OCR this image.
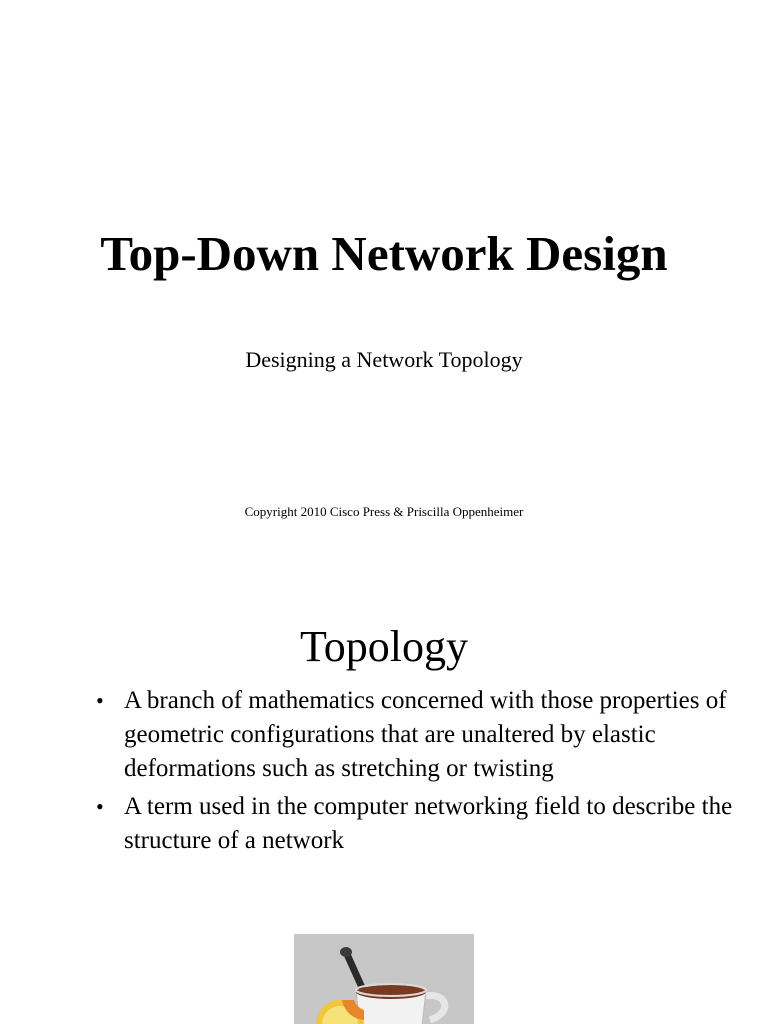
Top-Down Network Design
Designing a Network Topology
Copyright 2010 Cisco Press & Priscilla Oppenheimer
Topology
• A branch of mathematics concerned with those properties of geometric configurations that are unaltered by elastic deformations such as stretching or twisting
• A term used in the computer networking field to describe the structure of a network
